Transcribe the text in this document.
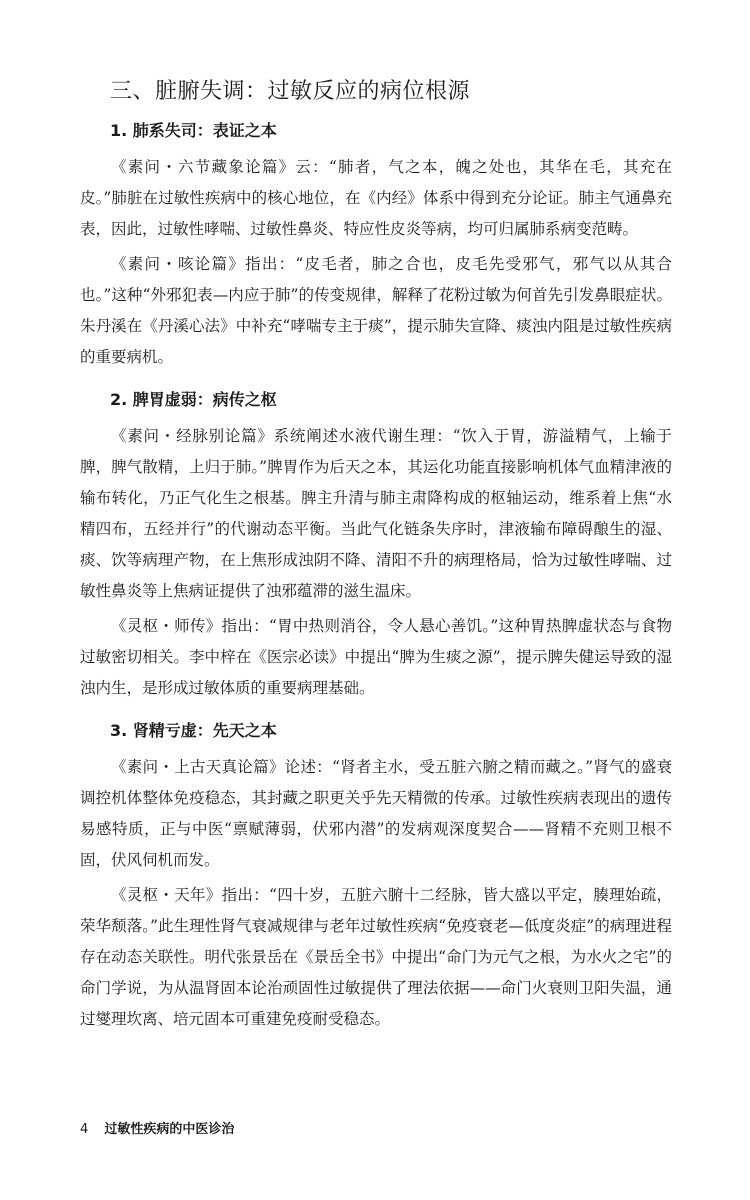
三、脏腑失调：过敏反应的病位根源
1. 肺系失司：表证之本

《素问・六节藏象论篇》云：“肺者，气之本，魄之处也，其华在毛，其充在皮。”肺脏在过敏性疾病中的核心地位，在《内经》体系中得到充分论证。肺主气通鼻充表，因此，过敏性哮喘、过敏性鼻炎、特应性皮炎等病，均可归属肺系病变范畴。

《素问・咳论篇》指出：“皮毛者，肺之合也，皮毛先受邪气，邪气以从其合也。”这种“外邪犯表—内应于肺”的传变规律，解释了花粉过敏为何首先引发鼻眼症状。朱丹溪在《丹溪心法》中补充“哮喘专主于痰”，提示肺失宣降、痰浊内阻是过敏性疾病的重要病机。

2. 脾胃虚弱：病传之枢

《素问・经脉别论篇》系统阐述水液代谢生理：“饮入于胃，游溢精气，上输于脾，脾气散精，上归于肺。”脾胃作为后天之本，其运化功能直接影响机体气血精津液的输布转化，乃正气化生之根基。脾主升清与肺主肃降构成的枢轴运动，维系着上焦“水精四布，五经并行”的代谢动态平衡。当此气化链条失序时，津液输布障碍酿生的湿、痰、饮等病理产物，在上焦形成浊阴不降、清阳不升的病理格局，恰为过敏性哮喘、过敏性鼻炎等上焦病证提供了浊邪蕴滞的滋生温床。

《灵枢・师传》指出：“胃中热则消谷，令人悬心善饥。”这种胃热脾虚状态与食物过敏密切相关。李中梓在《医宗必读》中提出“脾为生痰之源”，提示脾失健运导致的湿浊内生，是形成过敏体质的重要病理基础。

3. 肾精亏虚：先天之本

《素问・上古天真论篇》论述：“肾者主水，受五脏六腑之精而藏之。”肾气的盛衰调控机体整体免疫稳态，其封藏之职更关乎先天精微的传承。过敏性疾病表现出的遗传易感特质，正与中医“禀赋薄弱，伏邪内潜”的发病观深度契合——肾精不充则卫根不固，伏风伺机而发。

《灵枢・天年》指出：“四十岁，五脏六腑十二经脉，皆大盛以平定，腠理始疏，荣华颓落。”此生理性肾气衰减规律与老年过敏性疾病“免疫衰老—低度炎症”的病理进程存在动态关联性。明代张景岳在《景岳全书》中提出“命门为元气之根，为水火之宅”的命门学说，为从温肾固本论治顽固性过敏提供了理法依据——命门火衰则卫阳失温，通过燮理坎离、培元固本可重建免疫耐受稳态。

4 过敏性疾病的中医诊治
